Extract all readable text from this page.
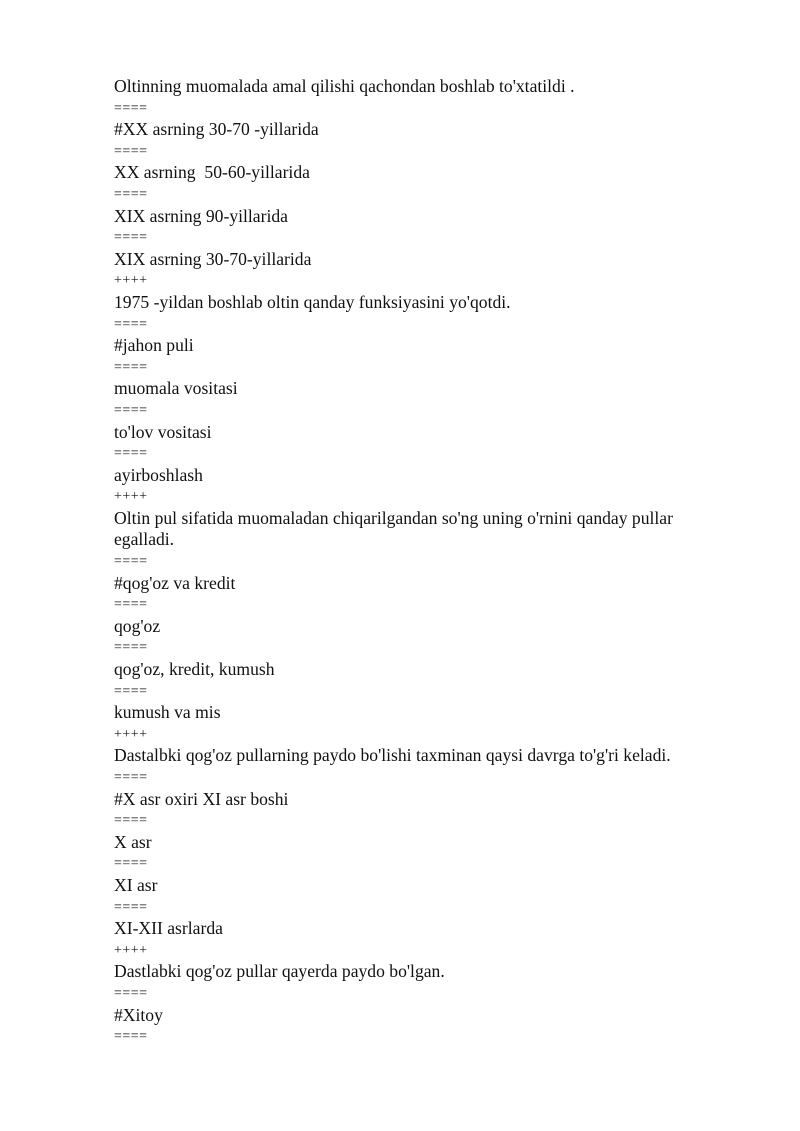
Oltinning muomalada amal qilishi qachondan boshlab to'xtatildi .
====
#XX asrning 30-70 -yillarida
====
XX asrning  50-60-yillarida
====
XIX asrning 90-yillarida
====
XIX asrning 30-70-yillarida
++++
1975 -yildan boshlab oltin qanday funksiyasini yo'qotdi.
====
#jahon puli
====
muomala vositasi
====
to'lov vositasi
====
ayirboshlash
++++
Oltin pul sifatida muomaladan chiqarilgandan so'ng uning o'rnini qanday pullar egalladi.
====
#qog'oz va kredit
====
qog'oz
====
qog'oz, kredit, kumush
====
kumush va mis
++++
Dastalbki qog'oz pullarning paydo bo'lishi taxminan qaysi davrga to'g'ri keladi.
====
#X asr oxiri XI asr boshi
====
X asr
====
XI asr
====
XI-XII asrlarda
++++
Dastlabki qog'oz pullar qayerda paydo bo'lgan.
====
#Xitoy
====
